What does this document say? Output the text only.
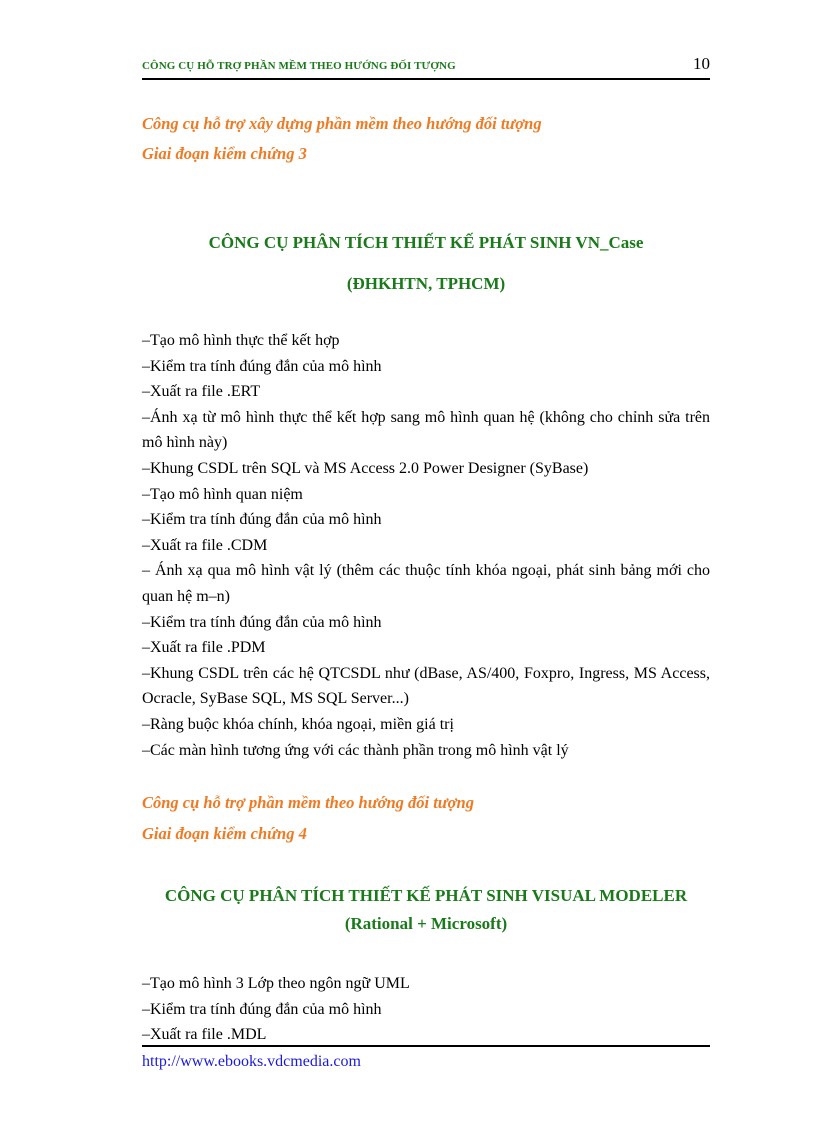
CÔNG CỤ HỖ TRỢ PHẦN MỀM THEO HƯỚNG ĐỐI TƯỢNG	10
Công cụ hỗ trợ xây dựng phần mềm theo hướng đối tượng
Giai đoạn kiểm chứng 3
CÔNG CỤ PHÂN TÍCH THIẾT KẾ PHÁT SINH VN_Case
(ĐHKHTN, TPHCM)
–Tạo mô hình thực thể kết hợp
–Kiểm tra tính đúng đắn của mô hình
–Xuất ra file .ERT
–Ánh xạ từ mô hình thực thể kết hợp sang mô hình quan hệ (không cho chỉnh sửa trên mô hình này)
–Khung CSDL trên SQL và MS Access 2.0 Power Designer (SyBase)
–Tạo mô hình quan niệm
–Kiểm tra tính đúng đắn của mô hình
–Xuất ra file .CDM
– Ánh xạ qua mô hình vật lý (thêm các thuộc tính khóa ngoại, phát sinh bảng mới cho quan hệ m–n)
–Kiểm tra tính đúng đắn của mô hình
–Xuất ra file .PDM
–Khung CSDL trên các hệ QTCSDL như (dBase, AS/400, Foxpro, Ingress, MS Access, Ocracle, SyBase SQL, MS SQL Server...)
–Ràng buộc khóa chính, khóa ngoại, miền giá trị
–Các màn hình tương ứng với các thành phần trong mô hình vật lý
Công cụ hỗ trợ phần mềm theo hướng đối tượng
Giai đoạn kiểm chứng 4
CÔNG CỤ PHÂN TÍCH THIẾT KẾ PHÁT SINH VISUAL MODELER
(Rational + Microsoft)
–Tạo mô hình 3 Lớp theo ngôn ngữ UML
–Kiểm tra tính đúng đắn của mô hình
–Xuất ra file .MDL
http://www.ebooks.vdcmedia.com
